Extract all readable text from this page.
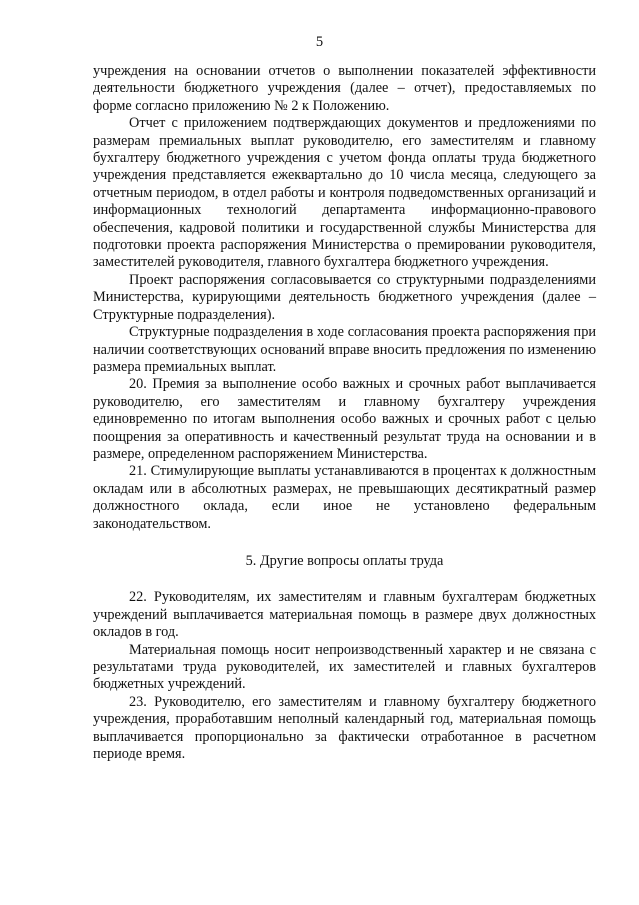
5

учреждения на основании отчетов о выполнении показателей эффективности деятельности бюджетного учреждения (далее – отчет), предоставляемых по форме согласно приложению № 2 к Положению.

Отчет с приложением подтверждающих документов и предложениями по размерам премиальных выплат руководителю, его заместителям и главному бухгалтеру бюджетного учреждения с учетом фонда оплаты труда бюджетного учреждения представляется ежеквартально до 10 числа месяца, следующего за отчетным периодом, в отдел работы и контроля подведомственных организаций и информационных технологий департамента информационно-правового обеспечения, кадровой политики и государственной службы Министерства для подготовки проекта распоряжения Министерства о премировании руководителя, заместителей руководителя, главного бухгалтера бюджетного учреждения.

Проект распоряжения согласовывается со структурными подразделениями Министерства, курирующими деятельность бюджетного учреждения (далее – Структурные подразделения).

Структурные подразделения в ходе согласования проекта распоряжения при наличии соответствующих оснований вправе вносить предложения по изменению размера премиальных выплат.

20. Премия за выполнение особо важных и срочных работ выплачивается руководителю, его заместителям и главному бухгалтеру учреждения единовременно по итогам выполнения особо важных и срочных работ с целью поощрения за оперативность и качественный результат труда на основании и в размере, определенном распоряжением Министерства.

21. Стимулирующие выплаты устанавливаются в процентах к должностным окладам или в абсолютных размерах, не превышающих десятикратный размер должностного оклада, если иное не установлено федеральным законодательством.

5. Другие вопросы оплаты труда

22. Руководителям, их заместителям и главным бухгалтерам бюджетных учреждений выплачивается материальная помощь в размере двух должностных окладов в год.

Материальная помощь носит непроизводственный характер и не связана с результатами труда руководителей, их заместителей и главных бухгалтеров бюджетных учреждений.

23. Руководителю, его заместителям и главному бухгалтеру бюджетного учреждения, проработавшим неполный календарный год, материальная помощь выплачивается пропорционально за фактически отработанное в расчетном периоде время.
